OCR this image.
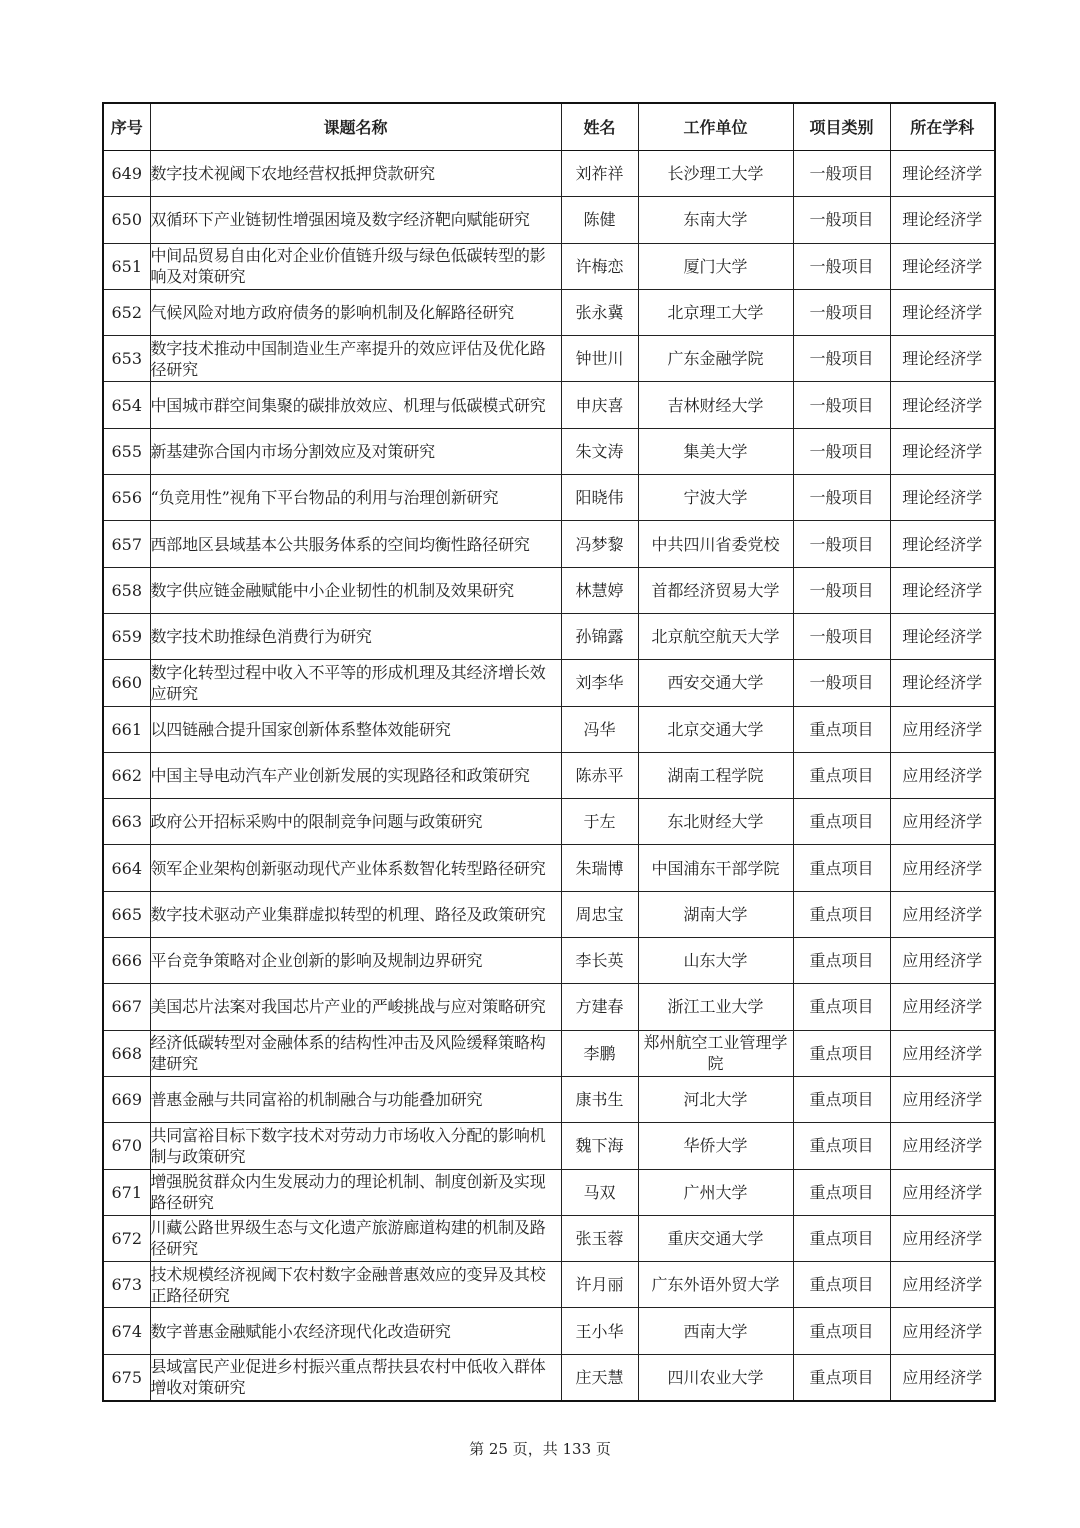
序号	课题名称	姓名	工作单位	项目类别	所在学科
649	数字技术视阈下农地经营权抵押贷款研究	刘祚祥	长沙理工大学	一般项目	理论经济学
650	双循环下产业链韧性增强困境及数字经济靶向赋能研究	陈健	东南大学	一般项目	理论经济学
651	中间品贸易自由化对企业价值链升级与绿色低碳转型的影响及对策研究	许梅恋	厦门大学	一般项目	理论经济学
652	气候风险对地方政府债务的影响机制及化解路径研究	张永冀	北京理工大学	一般项目	理论经济学
653	数字技术推动中国制造业生产率提升的效应评估及优化路径研究	钟世川	广东金融学院	一般项目	理论经济学
654	中国城市群空间集聚的碳排放效应、机理与低碳模式研究	申庆喜	吉林财经大学	一般项目	理论经济学
655	新基建弥合国内市场分割效应及对策研究	朱文涛	集美大学	一般项目	理论经济学
656	“负竞用性”视角下平台物品的利用与治理创新研究	阳晓伟	宁波大学	一般项目	理论经济学
657	西部地区县域基本公共服务体系的空间均衡性路径研究	冯梦黎	中共四川省委党校	一般项目	理论经济学
658	数字供应链金融赋能中小企业韧性的机制及效果研究	林慧婷	首都经济贸易大学	一般项目	理论经济学
659	数字技术助推绿色消费行为研究	孙锦露	北京航空航天大学	一般项目	理论经济学
660	数字化转型过程中收入不平等的形成机理及其经济增长效应研究	刘李华	西安交通大学	一般项目	理论经济学
661	以四链融合提升国家创新体系整体效能研究	冯华	北京交通大学	重点项目	应用经济学
662	中国主导电动汽车产业创新发展的实现路径和政策研究	陈赤平	湖南工程学院	重点项目	应用经济学
663	政府公开招标采购中的限制竞争问题与政策研究	于左	东北财经大学	重点项目	应用经济学
664	领军企业架构创新驱动现代产业体系数智化转型路径研究	朱瑞博	中国浦东干部学院	重点项目	应用经济学
665	数字技术驱动产业集群虚拟转型的机理、路径及政策研究	周忠宝	湖南大学	重点项目	应用经济学
666	平台竞争策略对企业创新的影响及规制边界研究	李长英	山东大学	重点项目	应用经济学
667	美国芯片法案对我国芯片产业的严峻挑战与应对策略研究	方建春	浙江工业大学	重点项目	应用经济学
668	经济低碳转型对金融体系的结构性冲击及风险缓释策略构建研究	李鹏	郑州航空工业管理学院	重点项目	应用经济学
669	普惠金融与共同富裕的机制融合与功能叠加研究	康书生	河北大学	重点项目	应用经济学
670	共同富裕目标下数字技术对劳动力市场收入分配的影响机制与政策研究	魏下海	华侨大学	重点项目	应用经济学
671	增强脱贫群众内生发展动力的理论机制、制度创新及实现路径研究	马双	广州大学	重点项目	应用经济学
672	川藏公路世界级生态与文化遗产旅游廊道构建的机制及路径研究	张玉蓉	重庆交通大学	重点项目	应用经济学
673	技术规模经济视阈下农村数字金融普惠效应的变异及其校正路径研究	许月丽	广东外语外贸大学	重点项目	应用经济学
674	数字普惠金融赋能小农经济现代化改造研究	王小华	西南大学	重点项目	应用经济学
675	县域富民产业促进乡村振兴重点帮扶县农村中低收入群体增收对策研究	庄天慧	四川农业大学	重点项目	应用经济学
第 25 页，共 133 页
